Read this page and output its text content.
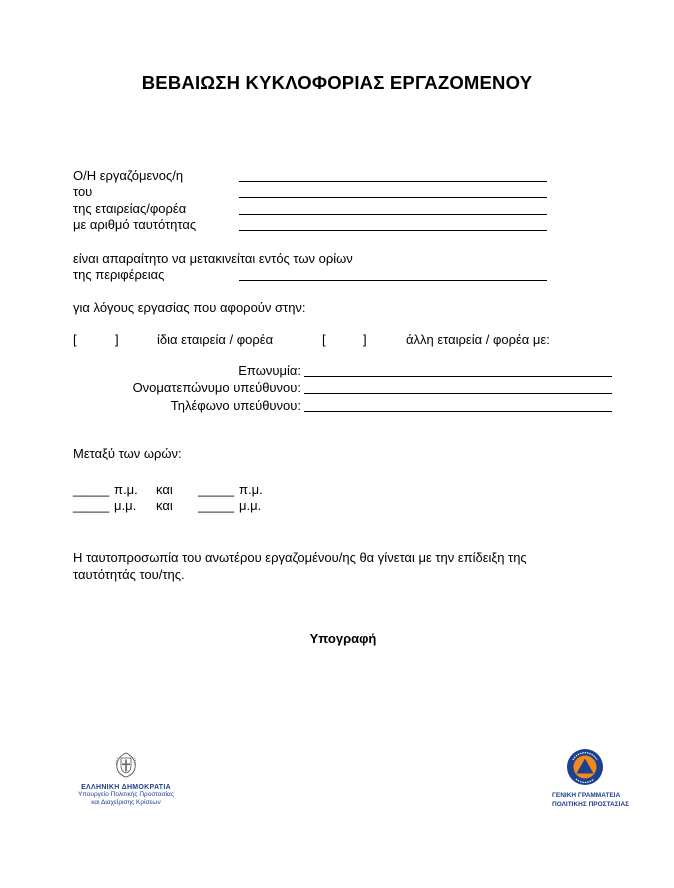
ΒΕΒΑΙΩΣΗ ΚΥΚΛΟΦΟΡΙΑΣ ΕΡΓΑΖΟΜΕΝΟΥ
Ο/Η εργαζόμενος/η
του
της εταιρείας/φορέα
με αριθμό ταυτότητας
είναι απαραίτητο να μετακινείται εντός των ορίων
της περιφέρειας
για λόγους εργασίας που αφορούν στην:
[	]	ίδια εταιρεία / φορέα	[	]	άλλη εταιρεία / φορέα με:
Επωνυμία:
Ονοματεπώνυμο υπεύθυνου:
Τηλέφωνο υπεύθυνου:
Μεταξύ των ωρών:
_____ π.μ. και _____ π.μ.
_____ μ.μ. και _____ μ.μ.
Η ταυτοπροσωπία του ανωτέρου εργαζομένου/ης θα γίνεται με την επίδειξη της
ταυτότητάς του/της.
Υπογραφή
ΕΛΛΗΝΙΚΗ ΔΗΜΟΚΡΑΤΙΑ
Υπουργείο Πολιτικής Προστασίας
και Διαχείρισης Κρίσεων
ΓΕΝΙΚΗ ΓΡΑΜΜΑΤΕΙΑ
ΠΟΛΙΤΙΚΗΣ ΠΡΟΣΤΑΣΙΑΣ
